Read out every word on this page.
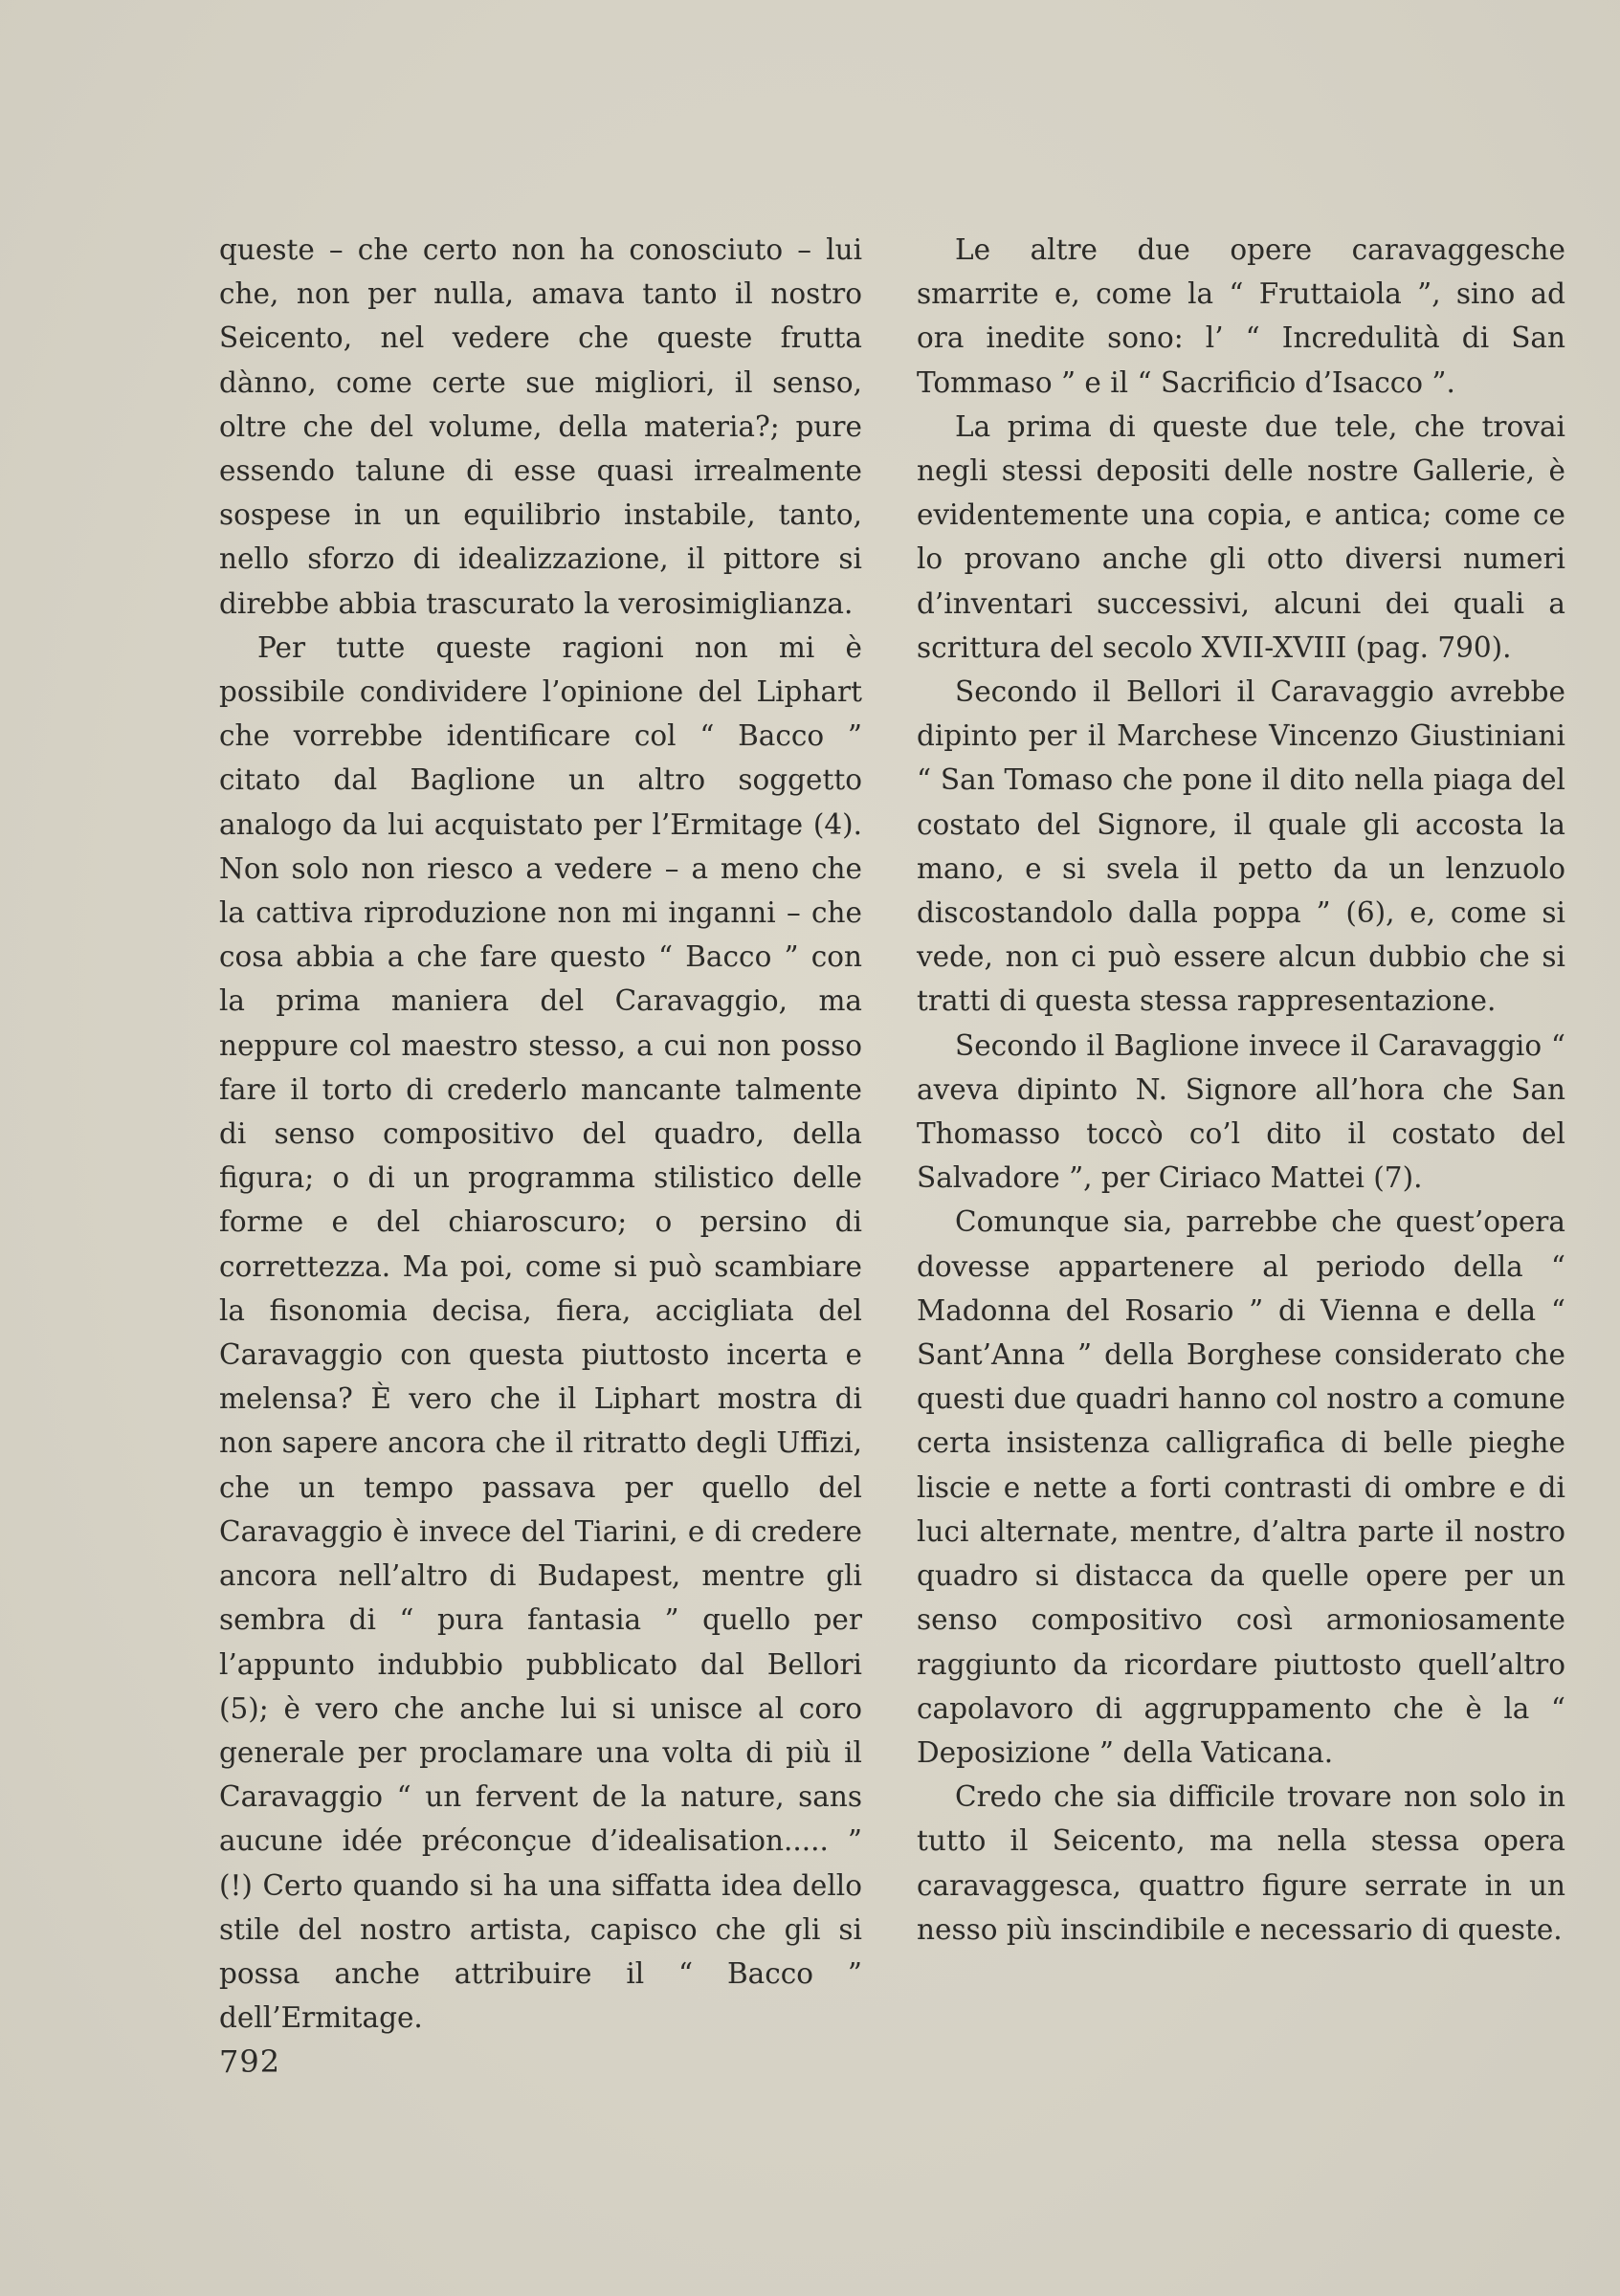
queste – che certo non ha conosciuto – lui che, non per nulla, amava tanto il nostro Seicento, nel vedere che queste frutta dànno, come certe sue migliori, il senso, oltre che del volume, della materia?; pure essendo talune di esse quasi irrealmente sospese in un equilibrio instabile, tanto, nello sforzo di idealizzazione, il pittore si direbbe abbia trascurato la verosimiglianza.

Per tutte queste ragioni non mi è possibile condividere l’opinione del Liphart che vorrebbe identificare col “ Bacco ” citato dal Baglione un altro soggetto analogo da lui acquistato per l’Ermitage (4). Non solo non riesco a vedere – a meno che la cattiva riproduzione non mi inganni – che cosa abbia a che fare questo “ Bacco ” con la prima maniera del Caravaggio, ma neppure col maestro stesso, a cui non posso fare il torto di crederlo mancante talmente di senso compositivo del quadro, della figura; o di un programma stilistico delle forme e del chiaroscuro; o persino di correttezza. Ma poi, come si può scambiare la fisonomia decisa, fiera, accigliata del Caravaggio con questa piuttosto incerta e melensa? È vero che il Liphart mostra di non sapere ancora che il ritratto degli Uffizi, che un tempo passava per quello del Caravaggio è invece del Tiarini, e di credere ancora nell’altro di Budapest, mentre gli sembra di “ pura fantasia ” quello per l’appunto indubbio pubblicato dal Bellori (5); è vero che anche lui si unisce al coro generale per proclamare una volta di più il Caravaggio “ un fervent de la nature, sans aucune idée préconçue d’idealisation..... ” (!) Certo quando si ha una siffatta idea dello stile del nostro artista, capisco che gli si possa anche attribuire il “ Bacco ” dell’Ermitage.

Le altre due opere caravaggesche smarrite e, come la “ Fruttaiola ”, sino ad ora inedite sono: l’ “ Incredulità di San Tommaso ” e il “ Sacrificio d’Isacco ”.

La prima di queste due tele, che trovai negli stessi depositi delle nostre Gallerie, è evidentemente una copia, e antica; come ce lo provano anche gli otto diversi numeri d’inventari successivi, alcuni dei quali a scrittura del secolo XVII-XVIII (pag. 790).

Secondo il Bellori il Caravaggio avrebbe dipinto per il Marchese Vincenzo Giustiniani “ San Tomaso che pone il dito nella piaga del costato del Signore, il quale gli accosta la mano, e si svela il petto da un lenzuolo discostandolo dalla poppa ” (6), e, come si vede, non ci può essere alcun dubbio che si tratti di questa stessa rappresentazione.

Secondo il Baglione invece il Caravaggio “ aveva dipinto N. Signore all’hora che San Thomasso toccò co’l dito il costato del Salvadore ”, per Ciriaco Mattei (7).

Comunque sia, parrebbe che quest’opera dovesse appartenere al periodo della “ Madonna del Rosario ” di Vienna e della “ Sant’Anna ” della Borghese considerato che questi due quadri hanno col nostro a comune certa insistenza calligrafica di belle pieghe liscie e nette a forti contrasti di ombre e di luci alternate, mentre, d’altra parte il nostro quadro si distacca da quelle opere per un senso compositivo così armoniosamente raggiunto da ricordare piuttosto quell’altro capolavoro di aggruppamento che è la “ Deposizione ” della Vaticana.

Credo che sia difficile trovare non solo in tutto il Seicento, ma nella stessa opera caravaggesca, quattro figure serrate in un nesso più inscindibile e necessario di queste.

792
